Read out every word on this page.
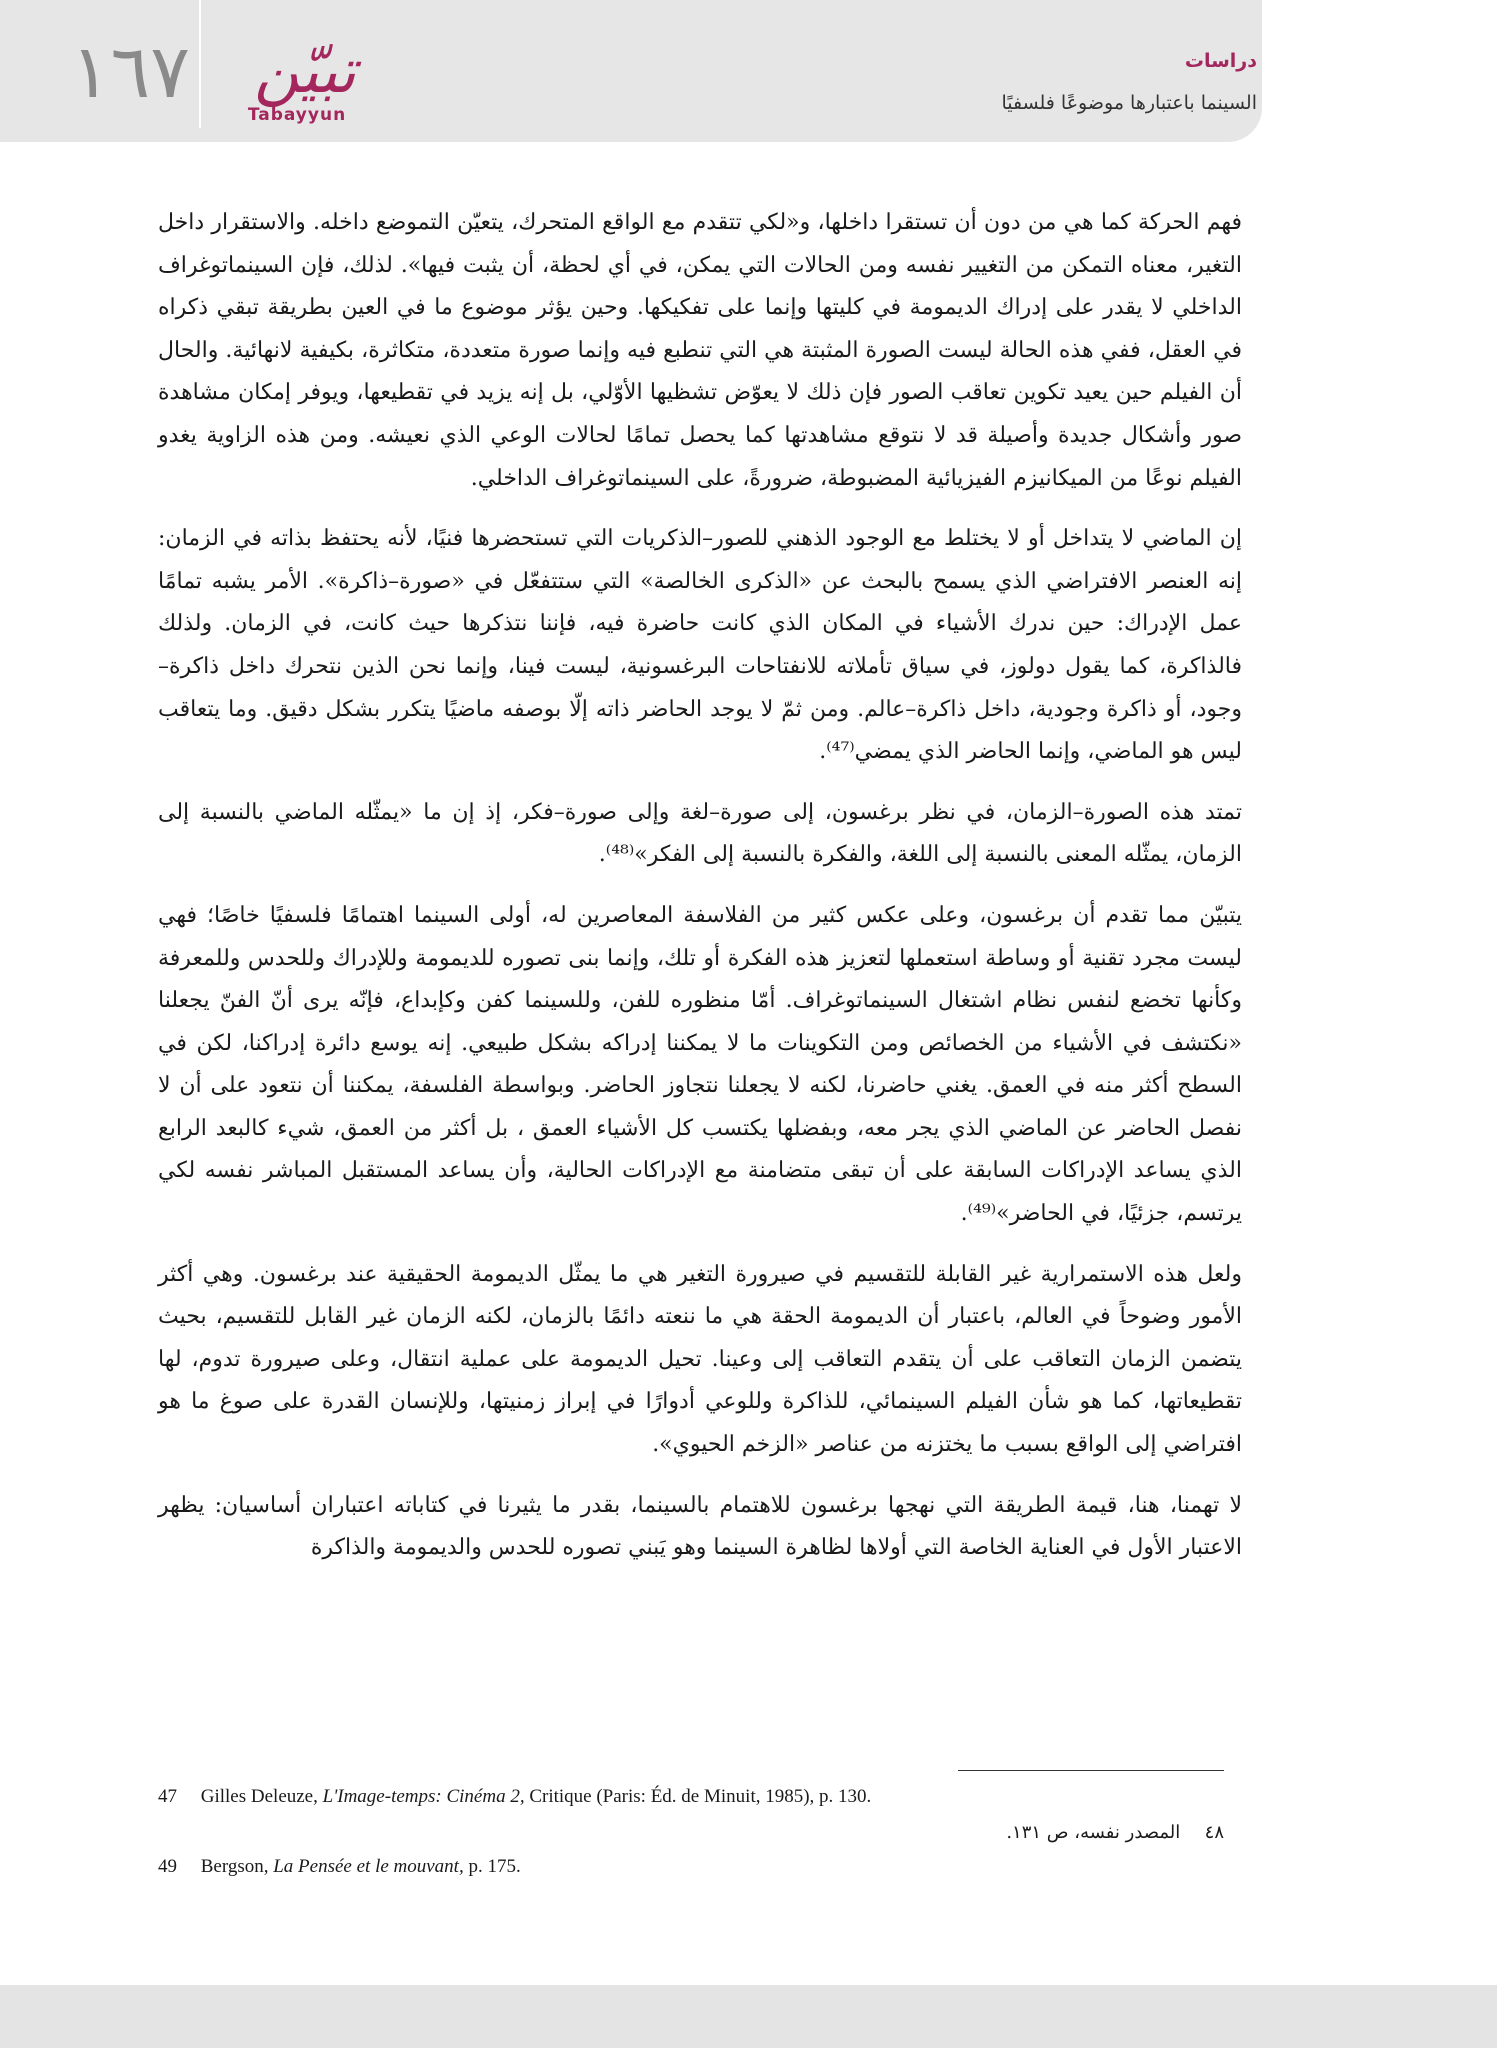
١٦٧	تبيّن
Tabayyun
دراسات
السينما باعتبارها موضوعًا فلسفيًا

فهم الحركة كما هي من دون أن تستقرا داخلها، و«لكي تتقدم مع الواقع المتحرك، يتعيّن التموضع داخله. والاستقرار داخل التغير، معناه التمكن من التغيير نفسه ومن الحالات التي يمكن، في أي لحظة، أن يثبت فيها». لذلك، فإن السينماتوغراف الداخلي لا يقدر على إدراك الديمومة في كليتها وإنما على تفكيكها. وحين يؤثر موضوع ما في العين بطريقة تبقي ذكراه في العقل، ففي هذه الحالة ليست الصورة المثبتة هي التي تنطبع فيه وإنما صورة متعددة، متكاثرة، بكيفية لانهائية. والحال أن الفيلم حين يعيد تكوين تعاقب الصور فإن ذلك لا يعوّض تشظيها الأوّلي، بل إنه يزيد في تقطيعها، ويوفر إمكان مشاهدة صور وأشكال جديدة وأصيلة قد لا نتوقع مشاهدتها كما يحصل تمامًا لحالات الوعي الذي نعيشه. ومن هذه الزاوية يغدو الفيلم نوعًا من الميكانيزم الفيزيائية المضبوطة، ضرورةً، على السينماتوغراف الداخلي.

إن الماضي لا يتداخل أو لا يختلط مع الوجود الذهني للصور–الذكريات التي تستحضرها فنيًا، لأنه يحتفظ بذاته في الزمان: إنه العنصر الافتراضي الذي يسمح بالبحث عن «الذكرى الخالصة» التي ستتفعّل في «صورة–ذاكرة». الأمر يشبه تمامًا عمل الإدراك: حين ندرك الأشياء في المكان الذي كانت حاضرة فيه، فإننا نتذكرها حيث كانت، في الزمان. ولذلك فالذاكرة، كما يقول دولوز، في سياق تأملاته للانفتاحات البرغسونية، ليست فينا، وإنما نحن الذين نتحرك داخل ذاكرة–وجود، أو ذاكرة وجودية، داخل ذاكرة–عالم. ومن ثمّ لا يوجد الحاضر ذاته إلّا بوصفه ماضيًا يتكرر بشكل دقيق. وما يتعاقب ليس هو الماضي، وإنما الحاضر الذي يمضي⁽⁴⁷⁾.

تمتد هذه الصورة–الزمان، في نظر برغسون، إلى صورة–لغة وإلى صورة–فكر، إذ إن ما «يمثّله الماضي بالنسبة إلى الزمان، يمثّله المعنى بالنسبة إلى اللغة، والفكرة بالنسبة إلى الفكر»⁽⁴⁸⁾.

يتبيّن مما تقدم أن برغسون، وعلى عكس كثير من الفلاسفة المعاصرين له، أولى السينما اهتمامًا فلسفيًا خاصًا؛ فهي ليست مجرد تقنية أو وساطة استعملها لتعزيز هذه الفكرة أو تلك، وإنما بنى تصوره للديمومة وللإدراك وللحدس وللمعرفة وكأنها تخضع لنفس نظام اشتغال السينماتوغراف. أمّا منظوره للفن، وللسينما كفن وكإبداع، فإنّه يرى أنّ الفنّ يجعلنا «نكتشف في الأشياء من الخصائص ومن التكوينات ما لا يمكننا إدراكه بشكل طبيعي. إنه يوسع دائرة إدراكنا، لكن في السطح أكثر منه في العمق. يغني حاضرنا، لكنه لا يجعلنا نتجاوز الحاضر. وبواسطة الفلسفة، يمكننا أن نتعود على أن لا نفصل الحاضر عن الماضي الذي يجر معه، وبفضلها يكتسب كل الأشياء العمق ، بل أكثر من العمق، شيء كالبعد الرابع الذي يساعد الإدراكات السابقة على أن تبقى متضامنة مع الإدراكات الحالية، وأن يساعد المستقبل المباشر نفسه لكي يرتسم، جزئيًا، في الحاضر»⁽⁴⁹⁾.

ولعل هذه الاستمرارية غير القابلة للتقسيم في صيرورة التغير هي ما يمثّل الديمومة الحقيقية عند برغسون. وهي أكثر الأمور وضوحاً في العالم، باعتبار أن الديمومة الحقة هي ما ننعته دائمًا بالزمان، لكنه الزمان غير القابل للتقسيم، بحيث يتضمن الزمان التعاقب على أن يتقدم التعاقب إلى وعينا. تحيل الديمومة على عملية انتقال، وعلى صيرورة تدوم، لها تقطيعاتها، كما هو شأن الفيلم السينمائي، للذاكرة وللوعي أدوارًا في إبراز زمنيتها، وللإنسان القدرة على صوغ ما هو افتراضي إلى الواقع بسبب ما يختزنه من عناصر «الزخم الحيوي».

لا تهمنا، هنا، قيمة الطريقة التي نهجها برغسون للاهتمام بالسينما، بقدر ما يثيرنا في كتاباته اعتباران أساسيان: يظهر الاعتبار الأول في العناية الخاصة التي أولاها لظاهرة السينما وهو يَبني تصوره للحدس والديمومة والذاكرة

47 Gilles Deleuze, L'Image-temps: Cinéma 2, Critique (Paris: Éd. de Minuit, 1985), p. 130.
٤٨ المصدر نفسه، ص ١٣١.
49 Bergson, La Pensée et le mouvant, p. 175.
